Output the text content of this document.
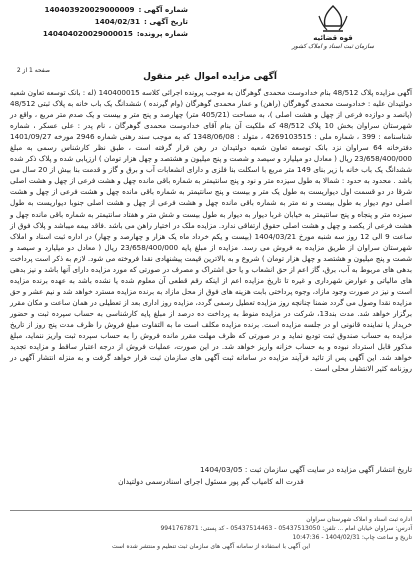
شماره آگهی :
140403920029000009
تاریخ آگهی :
1404/02/31
شماره پرونده:
140404020029000015	قوه قضائیه
سازمان ثبت اسناد و املاک کشور
صفحه 1 از 2
آگهی مزایده اموال غیر منقول
آگهی مزایده پلاک 48/512 بنام خدادوست محمدی گوهرگان به موجب پرونده اجرائی کلاسه 140400015 (له : بانک توسعه تعاون شعبه دولتیدان علیه : خدادوست محمدی گوهرگان (راهن) و عمار محمدی گوهرگان (وام گیرنده ) ششدانگ یک باب خانه به پلاک ثبتی 48/512 (پانصد و دوازده فرعی از چهل و هشت اصلی )، به مساحت (405/21 متر) چهارصد و پنج متر و بیست و یک صدم متر مربع ، واقع در شهرستان سراوان بخش 10 پلاک 48/512 که ملکیت آن بنام آقای خدادوست محمدی گوهرگان ، نام پدر : علی عسکر ، شماره شناسنامه : 399 ، شماره ملی : 4269103515 ، متولد : 1348/06/08 که به موجب سند رهنی شماره 2946 مورخه 1401/09/27 دفترخانه 64 سراوان نزد بانک توسعه تعاون شعبه دولتیدان در رهن قرار گرفته است ، طبق نظر کارشناس رسمی به مبلغ 23/658/400/000 ریال ( معادل دو میلیارد و سیصد و شصت و پنج میلیون و هشتصد و چهل هزار تومان ) ارزیابی شده و پلاک ذکر شده ششدانگ یک باب خانه با زیر بنای 149 متر مربع با اسکلت بنا فلزی و دارای انشعابات آب و برق و گاز و قدمت بنا بیش از 20 سال می باشد . محدود به حدود : شمالا به طول سیزده متر و نود و پنج سانتیمتر به شماره باقی مانده چهل و هشت فرعی از چهل و هشت اصلی شرقا در دو قسمت اول دیواریست به طول یک متر و بیست و پنج سانتیمتر به شماره باقی مانده چهل و هشت فرعی از چهل و هشت اصلی دوم دیوار به طول بیست و نه متر به شماره باقی مانده چهل و هشت فرعی از چهل و هشت اصلی جنوبا دیواریست به طول سیزده متر و پنجاه و پنج سانتیمتر به خیابان غربا دیوار به دیوار به طول بیست و شش متر و هفتاد سانتیمتر به شماره باقی مانده چهل و هشت فرعی از یکصد و چهل و هشت اصلی حقوق ارتفاقی ندارد. مزایده ملک در اختیار راهن می باشد .فاقد بیمه میباشد و پلاک فوق از ساعت 9 الی 12 روز سه شنبه مورخ 1404/03/21 (بیست و یکم خرداد ماه یک هزار و چهارصد و چهار) در اداره ثبت اسناد و املاک شهرستان سراوان از طریق مزایده به فروش می رسد. مزایده از مبلغ پایه 23/658/400/000 ریال ( معادل دو میلیارد و سیصد و شصت و پنج میلیون و هشتصد و چهل هزار تومان ) شروع و به بالاترین قیمت پیشنهادی نقدا فروخته می شود. لازم به ذکر است پرداخت بدهی های مربوط به آب، برق، گاز اعم از حق انشعاب و یا حق اشتراک و مصرف در صورتی که مورد مزایده دارای آنها باشد و نیز بدهی های مالیاتی و عوارض شهرداری و غیره تا تاریخ مزایده اعم از اینکه رقم قطعی آن معلوم شده یا نشده باشد به عهده برنده مزایده است و نیز در صورت وجود مازاد، وجوه پرداختی بابت هزینه های فوق از محل مازاد به برنده مزایده مسترد خواهد شد و نیم عشر و حق مزایده نقدا وصول می گردد ضمنا چنانچه روز مزایده تعطیل رسمی گردد، مزایده روز اداری بعد از تعطیلی در همان ساعت و مکان مقرر برگزار خواهد شد. مدت بند13، شرکت در مزایده منوط به پرداخت ده درصد از مبلغ پایه کارشناسی به حساب سپرده ثبت و حضور خریدار یا نماینده قانونی او در جلسه مزایده است. برنده مزایده مکلف است ما به التفاوت مبلغ فروش را ظرف مدت پنج روز از تاریخ مزایده به حساب صندوق ثبت تودیع نماید و در صورتی که ظرف مهلت مقرر مانده فروش را به حساب سپرده ثبت واریز ننماید، مبلغ مذکور قابل استرداد نبوده و به حساب خزانه واریز خواهد شد. در این صورت، عملیات فروش از درجه اعتبار ساقط و مزایده تجدید خواهد شد. این آگهی پس از تائید فرآیند مزایده در سامانه ثبت آگهی های سازمان ثبت قرار خواهد گرفت و به منزله انتشار آگهی در روزنامه کثیر الانتشار محلی است .
تاریخ انتشار آگهی مزایده در سایت آگهی سازمان ثبت : 1404/03/05
قدرت اله کامیاب گم پور مسئول اجرای اسنادرسمی دولتیدان
اداره ثبت اسناد و املاک شهرستان سراوان
آدرس: سراوان خیابان امام ... تلفن: 05437513050 - 05437514463 - کد پستی: 9941767871
تاریخ و ساعت چاپ: 1404/02/31 - 10:47:36
این آگهی با استفاده از سامانه آگهی های سازمان ثبت تنظیم و منتشر شده است
